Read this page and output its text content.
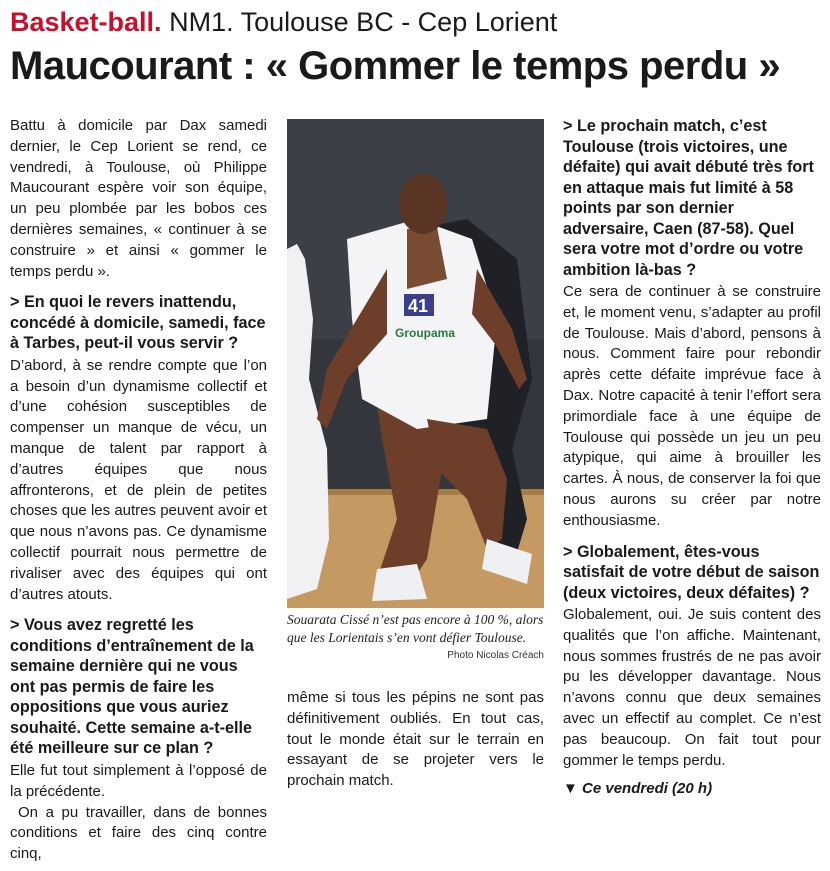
Basket-ball. NM1. Toulouse BC - Cep Lorient
Maucourant : « Gommer le temps perdu »

Battu à domicile par Dax samedi dernier, le Cep Lorient se rend, ce vendredi, à Toulouse, où Philippe Maucourant espère voir son équipe, un peu plombée par les bobos ces dernières semaines, « continuer à se construire » et ainsi « gommer le temps perdu ».

> En quoi le revers inattendu, concédé à domicile, samedi, face à Tarbes, peut-il vous servir ?

D’abord, à se rendre compte que l’on a besoin d’un dynamisme collectif et d’une cohésion susceptibles de compenser un manque de vécu, un manque de talent par rapport à d’autres équipes que nous affronterons, et de plein de petites choses que les autres peuvent avoir et que nous n’avons pas. Ce dynamisme collectif pourrait nous permettre de rivaliser avec des équipes qui ont d’autres atouts.

> Vous avez regretté les conditions d’entraînement de la semaine dernière qui ne vous ont pas permis de faire les oppositions que vous auriez souhaité. Cette semaine a-t-elle été meilleure sur ce plan ?

Elle fut tout simplement à l’opposé de la précédente.

On a pu travailler, dans de bonnes conditions et faire des cinq contre cinq,

41
Groupama
Souarata Cissé n’est pas encore à 100 %, alors que les Lorientais s’en vont défier Toulouse.
Photo Nicolas Créach

même si tous les pépins ne sont pas définitivement oubliés. En tout cas, tout le monde était sur le terrain en essayant de se projeter vers le prochain match.

> Le prochain match, c’est Toulouse (trois victoires, une défaite) qui avait débuté très fort en attaque mais fut limité à 58 points par son dernier adversaire, Caen (87-58). Quel sera votre mot d’ordre ou votre ambition là-bas ?

Ce sera de continuer à se construire et, le moment venu, s’adapter au profil de Toulouse. Mais d’abord, pensons à nous. Comment faire pour rebondir après cette défaite imprévue face à Dax. Notre capacité à tenir l’effort sera primordiale face à une équipe de Toulouse qui possède un jeu un peu atypique, qui aime à brouiller les cartes. À nous, de conserver la foi que nous aurons su créer par notre enthousiasme.

> Globalement, êtes-vous satisfait de votre début de saison (deux victoires, deux défaites) ?

Globalement, oui. Je suis content des qualités que l’on affiche. Maintenant, nous sommes frustrés de ne pas avoir pu les développer davantage. Nous n’avons connu que deux semaines avec un effectif au complet. Ce n’est pas beaucoup. On fait tout pour gommer le temps perdu.

▼ Ce vendredi (20 h)
